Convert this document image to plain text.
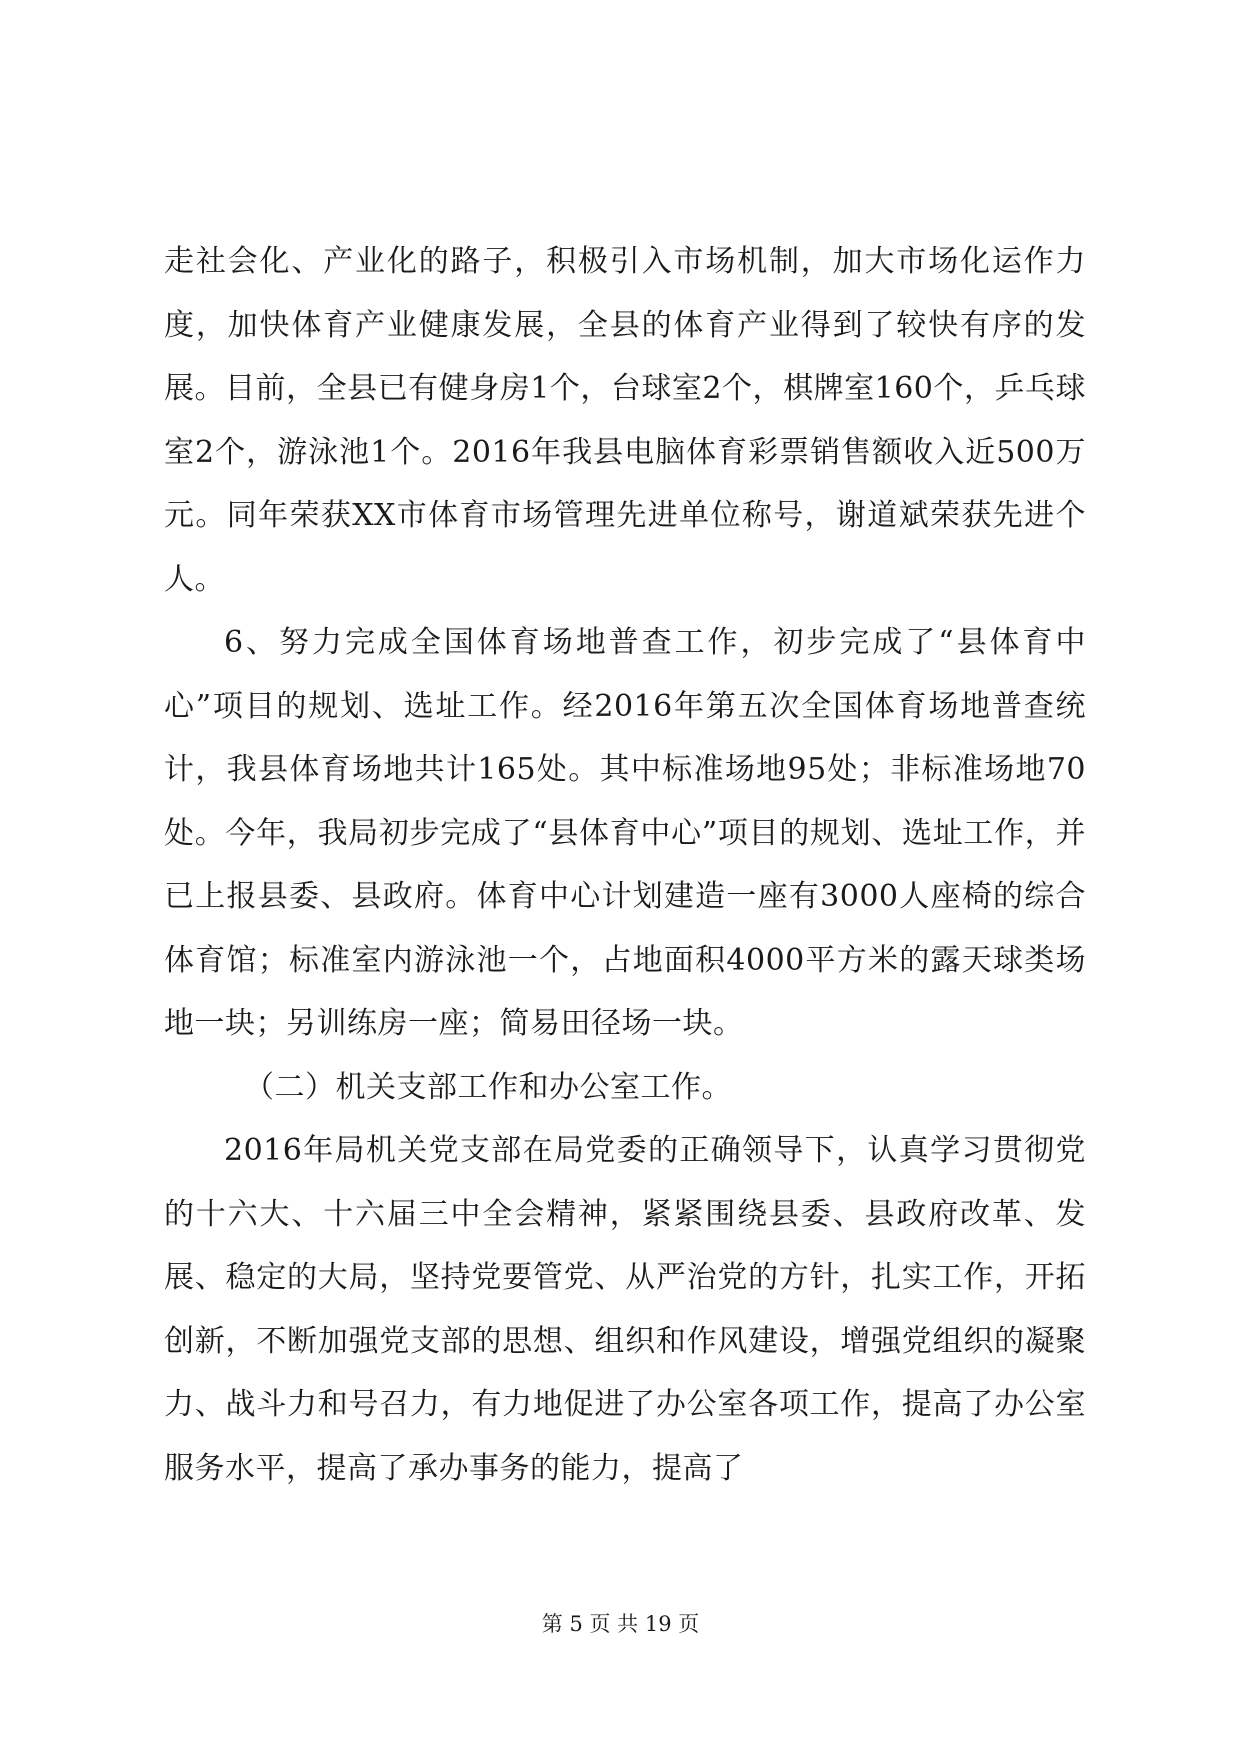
走社会化、产业化的路子，积极引入市场机制，加大市场化运作力度，加快体育产业健康发展，全县的体育产业得到了较快有序的发展。目前，全县已有健身房1个，台球室2个，棋牌室160个，乒乓球室2个，游泳池1个。2016年我县电脑体育彩票销售额收入近500万元。同年荣获XX市体育市场管理先进单位称号，谢道斌荣获先进个人。

6、努力完成全国体育场地普查工作，初步完成了“县体育中心”项目的规划、选址工作。经2016年第五次全国体育场地普查统计，我县体育场地共计165处。其中标准场地95处；非标准场地70处。今年，我局初步完成了“县体育中心”项目的规划、选址工作，并已上报县委、县政府。体育中心计划建造一座有3000人座椅的综合体育馆；标准室内游泳池一个，占地面积4000平方米的露天球类场地一块；另训练房一座；简易田径场一块。

（二）机关支部工作和办公室工作。

2016年局机关党支部在局党委的正确领导下，认真学习贯彻党的十六大、十六届三中全会精神，紧紧围绕县委、县政府改革、发展、稳定的大局，坚持党要管党、从严治党的方针，扎实工作，开拓创新，不断加强党支部的思想、组织和作风建设，增强党组织的凝聚力、战斗力和号召力，有力地促进了办公室各项工作，提高了办公室服务水平，提高了承办事务的能力，提高了

第 5 页 共 19 页
